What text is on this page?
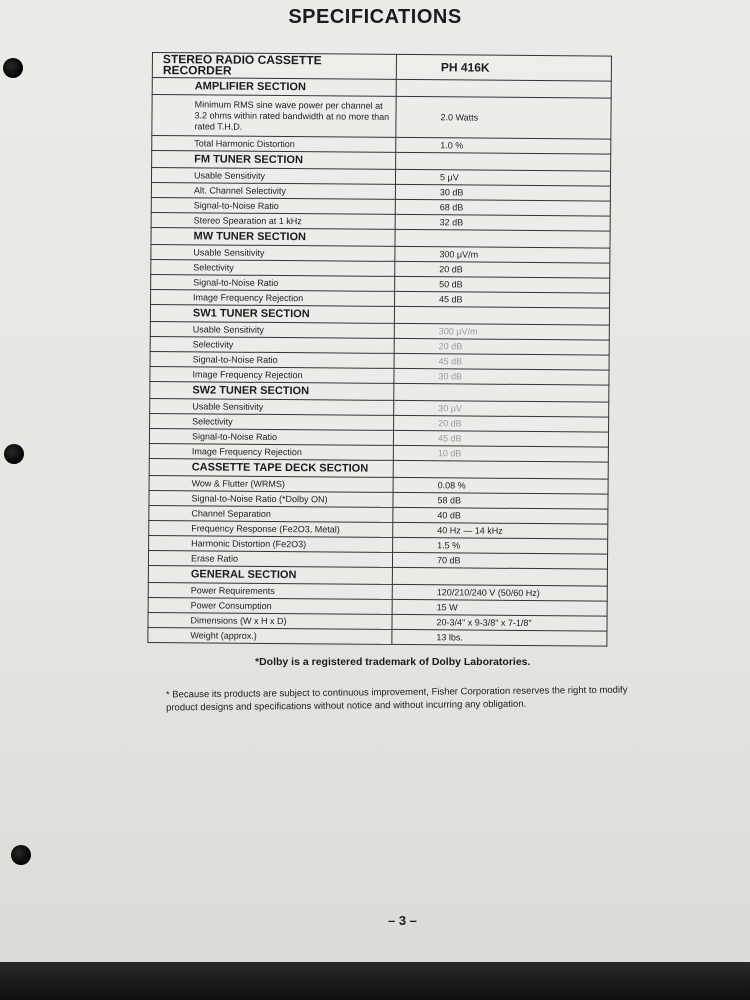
SPECIFICATIONS
STEREO RADIO CASSETTE RECORDER	PH 416K
AMPLIFIER SECTION	
Minimum RMS sine wave power per channel at 3.2 ohms within rated bandwidth at no more than rated T.H.D.	2.0 Watts
Total Harmonic Distortion	1.0 %
FM TUNER SECTION	
Usable Sensitivity	5 μV
Alt. Channel Selectivity	30 dB
Signal-to-Noise Ratio	68 dB
Stereo Spearation at 1 kHz	32 dB
MW TUNER SECTION	
Usable Sensitivity	300 μV/m
Selectivity	20 dB
Signal-to-Noise Ratio	50 dB
Image Frequency Rejection	45 dB
SW1 TUNER SECTION	
Usable Sensitivity	300 μV/m
Selectivity	20 dB
Signal-to-Noise Ratio	45 dB
Image Frequency Rejection	30 dB
SW2 TUNER SECTION	
Usable Sensitivity	30 μV
Selectivity	20 dB
Signal-to-Noise Ratio	45 dB
Image Frequency Rejection	10 dB
CASSETTE TAPE DECK SECTION	
Wow & Flutter (WRMS)	0.08 %
Signal-to-Noise Ratio (*Dolby ON)	58 dB
Channel Separation	40 dB
Frequency Response (Fe2O3, Metal)	40 Hz — 14 kHz
Harmonic Distortion (Fe2O3)	1.5 %
Erase Ratio	70 dB
GENERAL SECTION	
Power Requirements	120/210/240 V (50/60 Hz)
Power Consumption	15 W
Dimensions (W x H x D)	20-3/4" x 9-3/8" x 7-1/8"
Weight (approx.)	13 lbs.
*Dolby is a registered trademark of Dolby Laboratories.
* Because its products are subject to continuous improvement, Fisher Corporation reserves the right to modify product designs and specifications without notice and without incurring any obligation.
– 3 –
